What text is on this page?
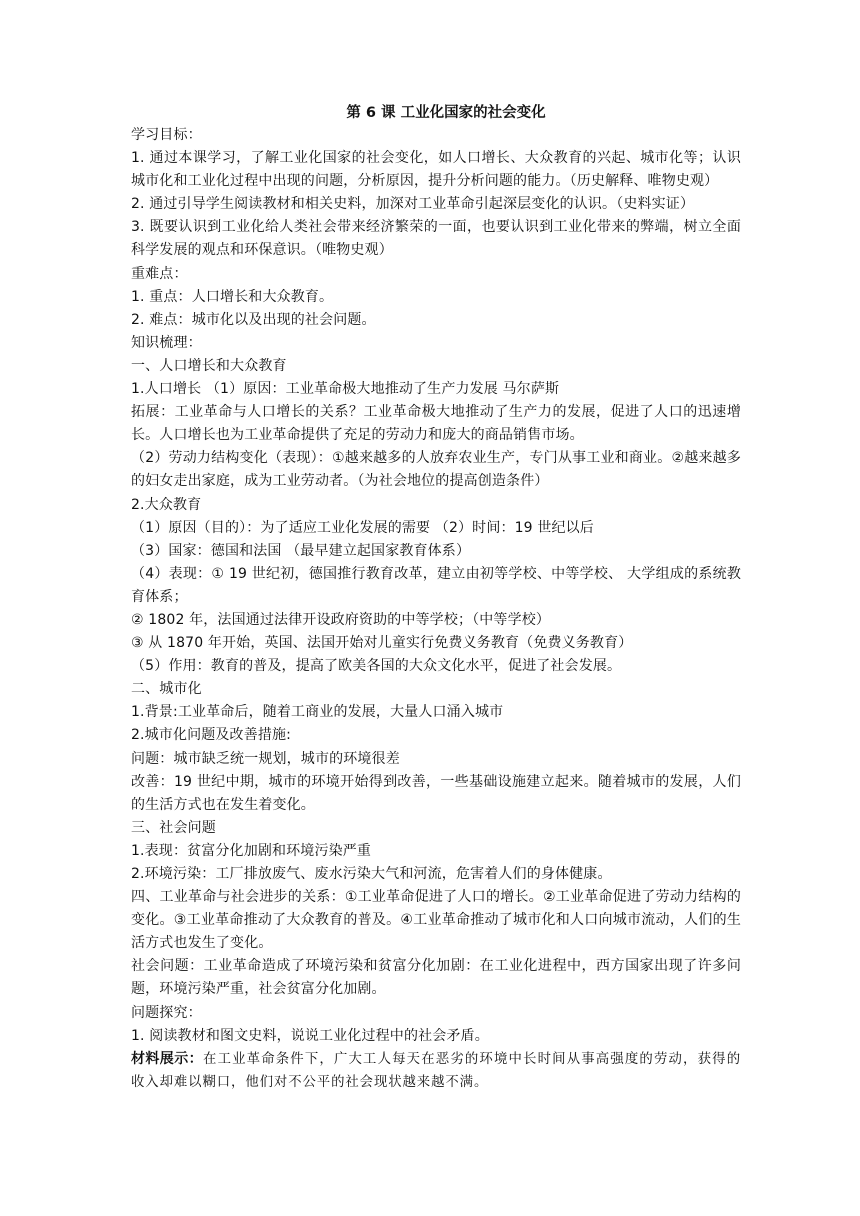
第 6 课 工业化国家的社会变化
学习目标：
1. 通过本课学习，了解工业化国家的社会变化，如人口增长、大众教育的兴起、城市化等；认识城市化和工业化过程中出现的问题，分析原因，提升分析问题的能力。（历史解释、唯物史观）
2. 通过引导学生阅读教材和相关史料，加深对工业革命引起深层变化的认识。（史料实证）
3. 既要认识到工业化给人类社会带来经济繁荣的一面，也要认识到工业化带来的弊端，树立全面科学发展的观点和环保意识。（唯物史观）
重难点：
1. 重点：人口增长和大众教育。
2. 难点：城市化以及出现的社会问题。
知识梳理：
一、人口增长和大众教育
1.人口增长 （1）原因：工业革命极大地推动了生产力发展 马尔萨斯
拓展：工业革命与人口增长的关系？工业革命极大地推动了生产力的发展，促进了人口的迅速增长。人口增长也为工业革命提供了充足的劳动力和庞大的商品销售市场。
（2）劳动力结构变化（表现）：①越来越多的人放弃农业生产，专门从事工业和商业。②越来越多的妇女走出家庭，成为工业劳动者。（为社会地位的提高创造条件）
2.大众教育
（1）原因（目的）：为了适应工业化发展的需要 （2）时间：19 世纪以后
（3）国家：德国和法国 （最早建立起国家教育体系）
（4）表现：① 19 世纪初，德国推行教育改革，建立由初等学校、中等学校、 大学组成的系统教育体系；
② 1802 年，法国通过法律开设政府资助的中等学校；（中等学校）
③ 从 1870 年开始，英国、法国开始对儿童实行免费义务教育（免费义务教育）
（5）作用：教育的普及，提高了欧美各国的大众文化水平，促进了社会发展。
二、城市化
1.背景:工业革命后，随着工商业的发展，大量人口涌入城市
2.城市化问题及改善措施:
问题：城市缺乏统一规划，城市的环境很差
改善：19 世纪中期，城市的环境开始得到改善，一些基础设施建立起来。随着城市的发展，人们的生活方式也在发生着变化。
三、社会问题
1.表现：贫富分化加剧和环境污染严重
2.环境污染：工厂排放废气、废水污染大气和河流，危害着人们的身体健康。
四、工业革命与社会进步的关系：①工业革命促进了人口的增长。②工业革命促进了劳动力结构的变化。③工业革命推动了大众教育的普及。④工业革命推动了城市化和人口向城市流动，人们的生活方式也发生了变化。
社会问题：工业革命造成了环境污染和贫富分化加剧：在工业化进程中，西方国家出现了许多问题，环境污染严重，社会贫富分化加剧。
问题探究：
1. 阅读教材和图文史料，说说工业化过程中的社会矛盾。
材料展示：在工业革命条件下，广大工人每天在恶劣的环境中长时间从事高强度的劳动，获得的收入却难以糊口，他们对不公平的社会现状越来越不满。
